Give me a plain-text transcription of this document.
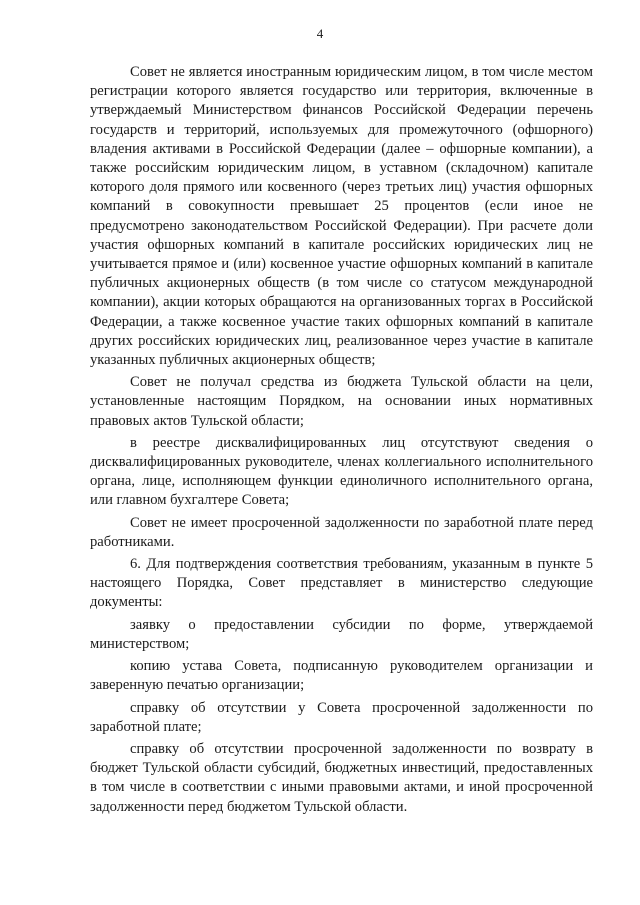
4

Совет не является иностранным юридическим лицом, в том числе местом регистрации которого является государство или территория, включенные в утверждаемый Министерством финансов Российской Федерации перечень государств и территорий, используемых для промежуточного (офшорного) владения активами в Российской Федерации (далее – офшорные компании), а также российским юридическим лицом, в уставном (складочном) капитале которого доля прямого или косвенного (через третьих лиц) участия офшорных компаний в совокупности превышает 25 процентов (если иное не предусмотрено законодательством Российской Федерации). При расчете доли участия офшорных компаний в капитале российских юридических лиц не учитывается прямое и (или) косвенное участие офшорных компаний в капитале публичных акционерных обществ (в том числе со статусом международной компании), акции которых обращаются на организованных торгах в Российской Федерации, а также косвенное участие таких офшорных компаний в капитале других российских юридических лиц, реализованное через участие в капитале указанных публичных акционерных обществ;

Совет не получал средства из бюджета Тульской области на цели, установленные настоящим Порядком, на основании иных нормативных правовых актов Тульской области;

в реестре дисквалифицированных лиц отсутствуют сведения о дисквалифицированных руководителе, членах коллегиального исполнительного органа, лице, исполняющем функции единоличного исполнительного органа, или главном бухгалтере Совета;

Совет не имеет просроченной задолженности по заработной плате перед работниками.

6. Для подтверждения соответствия требованиям, указанным в пункте 5 настоящего Порядка, Совет представляет в министерство следующие документы:

заявку о предоставлении субсидии по форме, утверждаемой министерством;

копию устава Совета, подписанную руководителем организации и заверенную печатью организации;

справку об отсутствии у Совета просроченной задолженности по заработной плате;

справку об отсутствии просроченной задолженности по возврату в бюджет Тульской области субсидий, бюджетных инвестиций, предоставленных в том числе в соответствии с иными правовыми актами, и иной просроченной задолженности перед бюджетом Тульской области.
